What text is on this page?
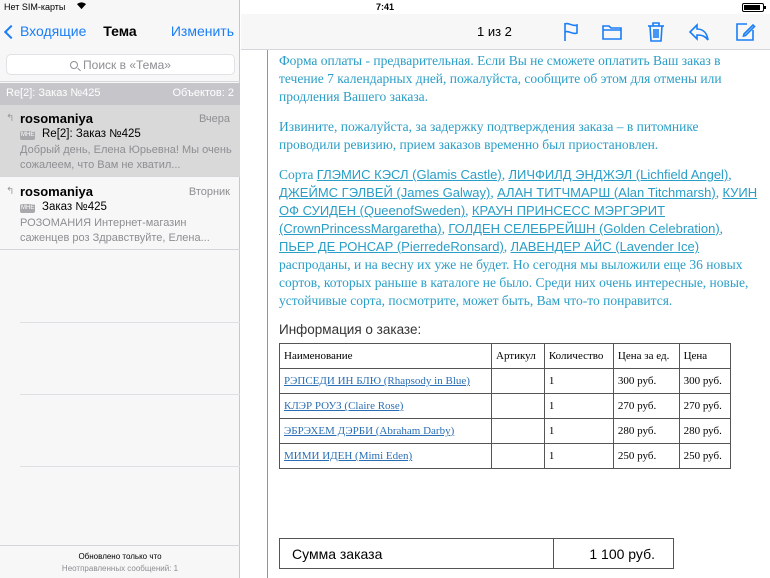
Входящие	Тема	Изменить
Поиск в «Тема»
Re[2]: Заказ №425	Объектов: 2
↰ rosomaniya	Вчера
МНЕ Re[2]: Заказ №425
Добрый день, Елена Юрьевна! Мы очень сожалеем, что Вам не хватил...
↰ rosomaniya	Вторник
МНЕ Заказ №425
РОЗОМАНИЯ Интернет-магазин саженцев роз Здравствуйте, Елена...
Обновлено только что
Неотправленных сообщений: 1
1 из 2

Форма оплаты - предварительная. Если Вы не сможете оплатить Ваш заказ в течение 7 календарных дней, пожалуйста, сообщите об этом для отмены или продления Вашего заказа.

Извините, пожалуйста, за задержку подтверждения заказа – в питомнике проводили ревизию, прием заказов временно был приостановлен.

Сорта ГЛЭМИС КЭСЛ (Glamis Castle), ЛИЧФИЛД ЭНДЖЭЛ (Lichfield Angel), ДЖЕЙМС ГЭЛВЕЙ (James Galway), АЛАН ТИТЧМАРШ (Alan Titchmarsh), КУИН ОФ СУИДЕН (QueenofSweden), КРАУН ПРИНСЕСС МЭРГЭРИТ (CrownPrincessMargaretha), ГОЛДЕН СЕЛЕБРЕЙШН (Golden Celebration), ПЬЕР ДЕ РОНСАР (PierredeRonsard), ЛАВЕНДЕР АЙС (Lavender Ice) распроданы, и на весну их уже не будет. Но сегодня мы выложили еще 36 новых сортов, которых раньше в каталоге не было. Среди них очень интересные, новые, устойчивые сорта, посмотрите, может быть, Вам что-то понравится.

Информация о заказе:

Наименование	Артикул	Количество	Цена за ед.	Цена
РЭПСЕДИ ИН БЛЮ (Rhapsody in Blue)		1	300 руб.	300 руб.
КЛЭР РОУЗ (Claire Rose)		1	270 руб.	270 руб.
ЭБРЭХЕМ ДЭРБИ (Abraham Darby)		1	280 руб.	280 руб.
МИМИ ИДЕН (Mimi Eden)		1	250 руб.	250 руб.
Сумма заказа	1 100 руб.
Нет SIM-карты	7:41
